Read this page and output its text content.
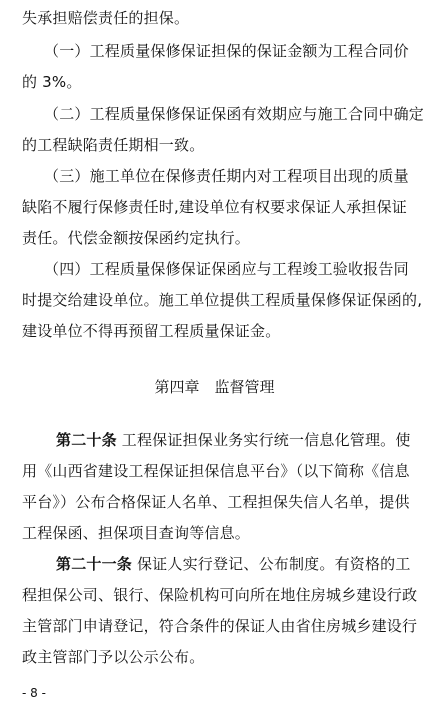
失承担赔偿责任的担保。
（一）工程质量保修保证担保的保证金额为工程合同价
的 3%。
（二）工程质量保修保证保函有效期应与施工合同中确定
的工程缺陷责任期相一致。
（三）施工单位在保修责任期内对工程项目出现的质量
缺陷不履行保修责任时,建设单位有权要求保证人承担保证
责任。代偿金额按保函约定执行。
（四）工程质量保修保证保函应与工程竣工验收报告同
时提交给建设单位。施工单位提供工程质量保修保证保函的,
建设单位不得再预留工程质量保证金。
第四章　监督管理
第二十条 工程保证担保业务实行统一信息化管理。使
用《山西省建设工程保证担保信息平台》（以下简称《信息
平台》）公布合格保证人名单、工程担保失信人名单，提供
工程保函、担保项目查询等信息。
第二十一条 保证人实行登记、公布制度。有资格的工
程担保公司、银行、保险机构可向所在地住房城乡建设行政
主管部门申请登记，符合条件的保证人由省住房城乡建设行
政主管部门予以公示公布。
- 8 -
